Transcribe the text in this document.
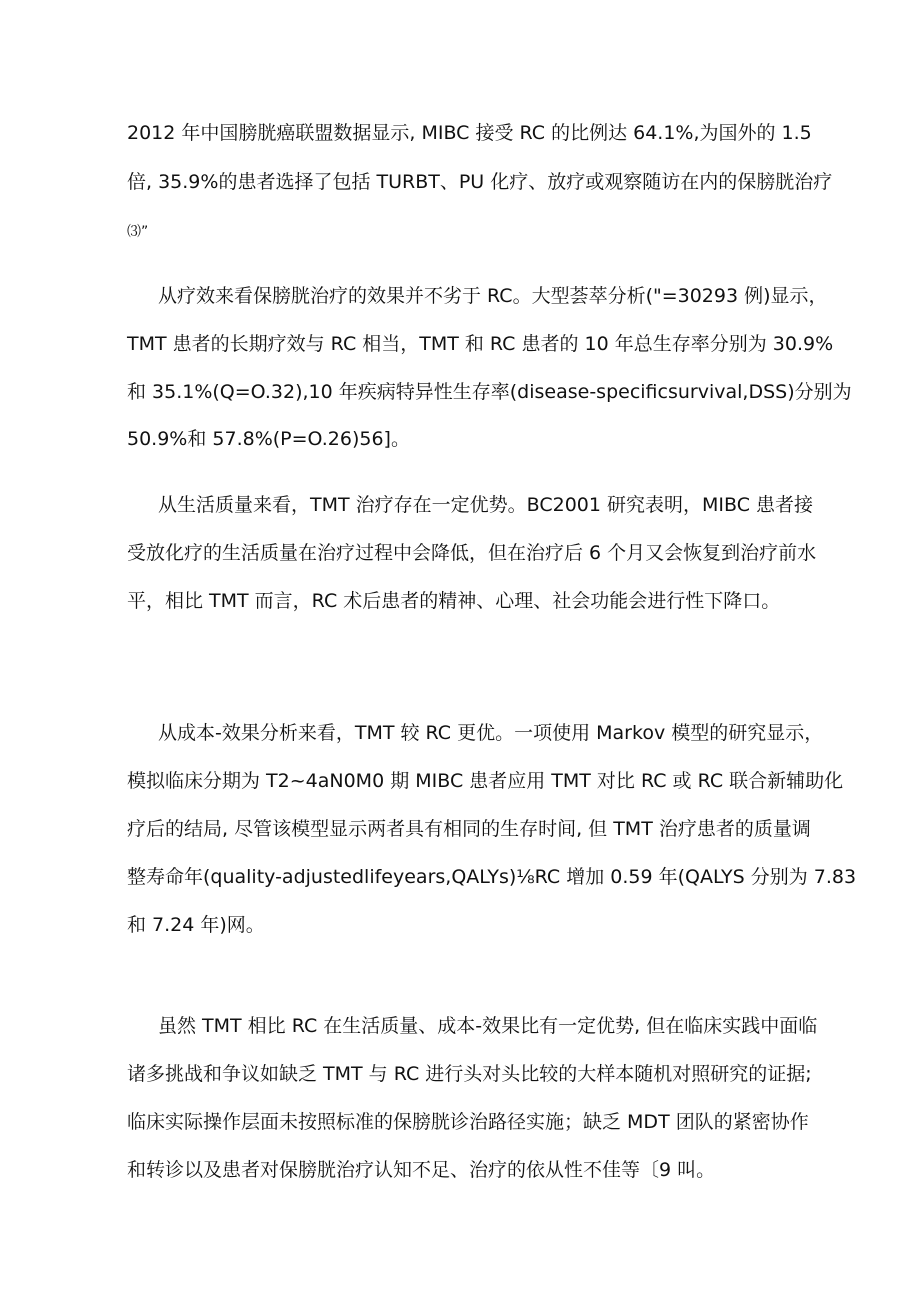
2012 年中国膀胱癌联盟数据显示, MIBC 接受 RC 的比例达 64.1%,为国外的 1.5

倍, 35.9%的患者选择了包括 TURBT、PU 化疗、放疗或观察随访在内的保膀胱治疗

⑶”

从疗效来看保膀胱治疗的效果并不劣于 RC。大型荟萃分析("=30293 例)显示，

TMT 患者的长期疗效与 RC 相当，TMT 和 RC 患者的 10 年总生存率分别为 30.9%

和 35.1%(Q=O.32),10 年疾病特异性生存率(disease-specificsurvival,DSS)分别为

50.9%和 57.8%(P=O.26)56]。

从生活质量来看，TMT 治疗存在一定优势。BC2001 研究表明，MIBC 患者接

受放化疗的生活质量在治疗过程中会降低，但在治疗后 6 个月又会恢复到治疗前水

平，相比 TMT 而言，RC 术后患者的精神、心理、社会功能会进行性下降口。

从成本-效果分析来看，TMT 较 RC 更优。一项使用 Markov 模型的研究显示，

模拟临床分期为 T2~4aN0M0 期 MIBC 患者应用 TMT 对比 RC 或 RC 联合新辅助化

疗后的结局, 尽管该模型显示两者具有相同的生存时间, 但 TMT 治疗患者的质量调

整寿命年(quality-adjustedlifeyears,QALYs)⅛RC 增加 0.59 年(QALYS 分别为 7.83

和 7.24 年)网。

虽然 TMT 相比 RC 在生活质量、成本-效果比有一定优势, 但在临床实践中面临

诸多挑战和争议如缺乏 TMT 与 RC 进行头对头比较的大样本随机对照研究的证据;

临床实际操作层面未按照标准的保膀胱诊治路径实施；缺乏 MDT 团队的紧密协作

和转诊以及患者对保膀胱治疗认知不足、治疗的依从性不佳等〔9 叫。
